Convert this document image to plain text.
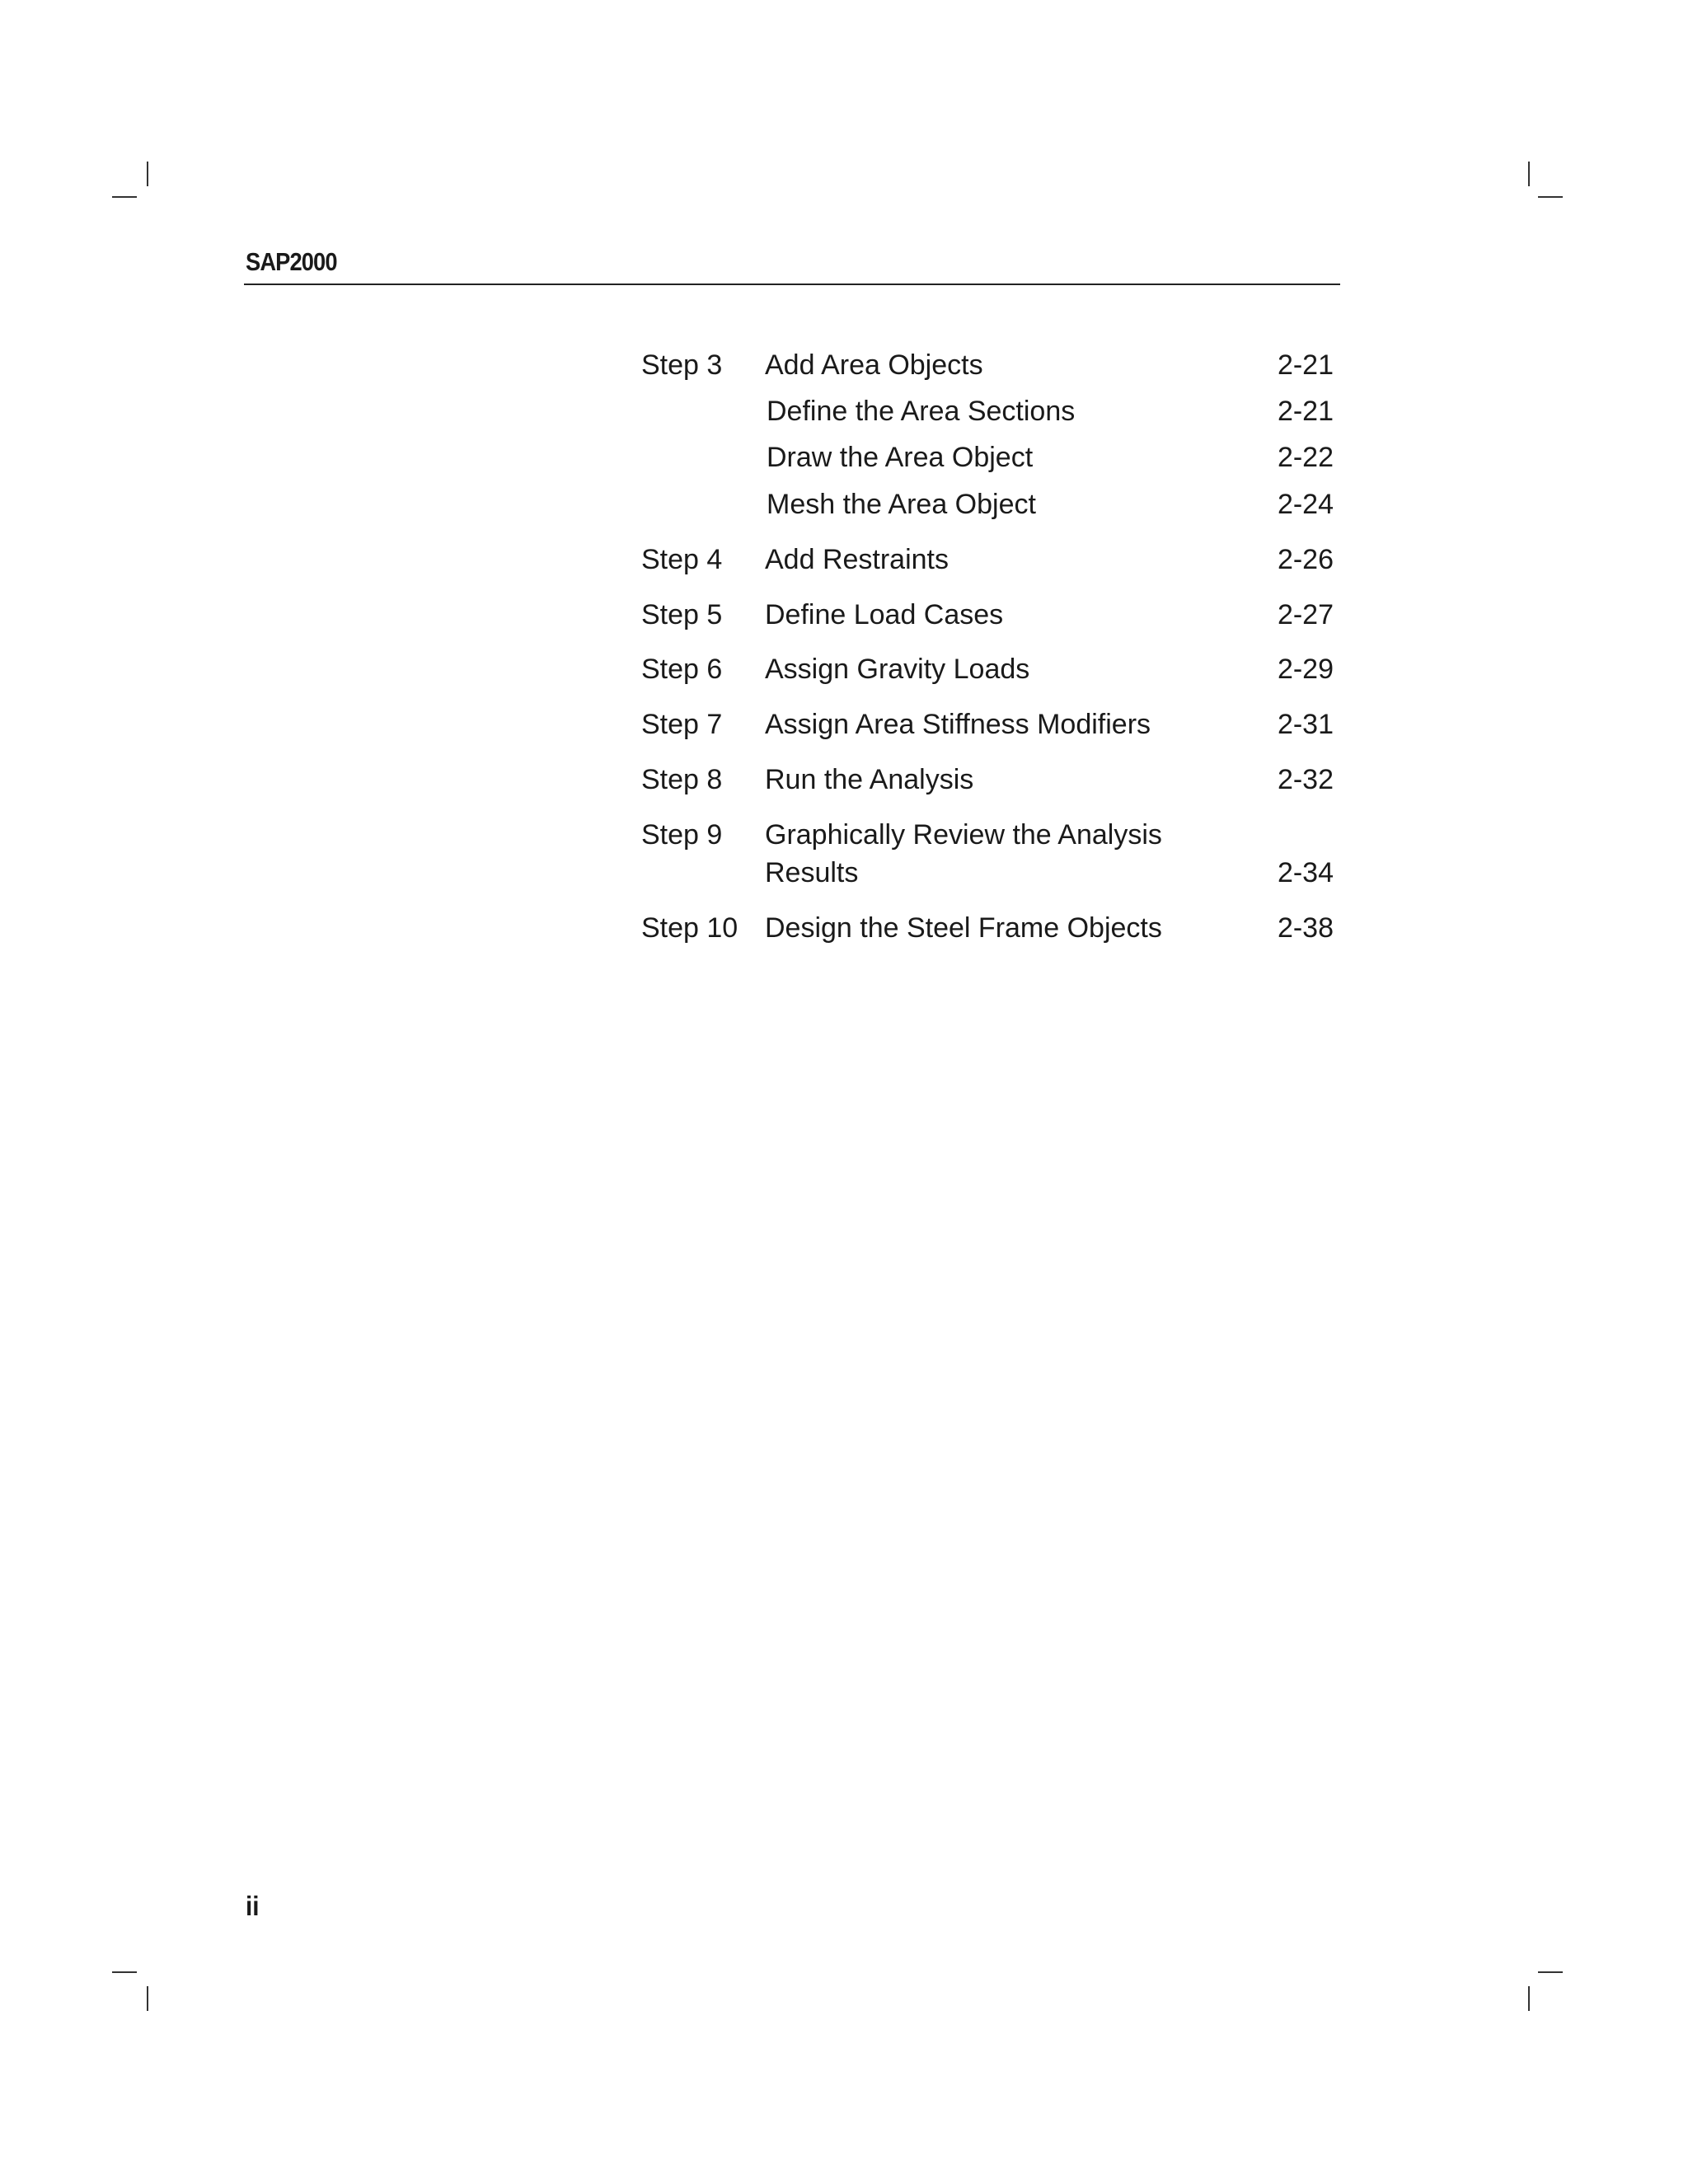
SAP2000
Step 3 Add Area Objects	2-21
Define the Area Sections	2-21
Draw the Area Object	2-22
Mesh the Area Object	2-24
Step 4 Add Restraints	2-26
Step 5 Define Load Cases	2-27
Step 6 Assign Gravity Loads	2-29
Step 7 Assign Area Stiffness Modifiers	2-31
Step 8 Run the Analysis	2-32
Step 9 Graphically Review the Analysis
Results	2-34
Step 10 Design the Steel Frame Objects	2-38
ii
